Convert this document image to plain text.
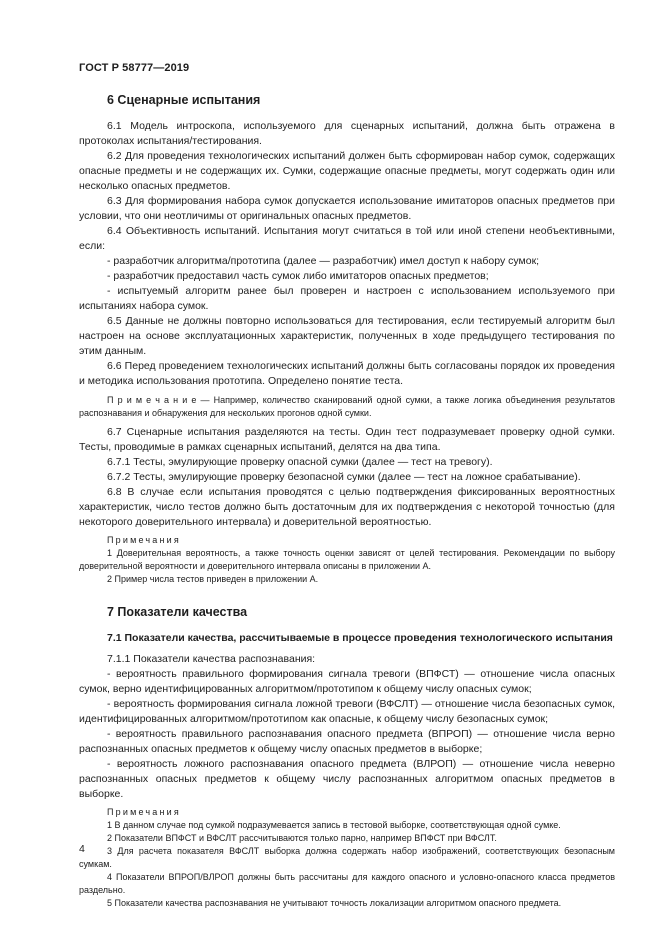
ГОСТ Р 58777—2019
6 Сценарные испытания

6.1 Модель интроскопа, используемого для сценарных испытаний, должна быть отражена в протоколах испытания/тестирования.

6.2 Для проведения технологических испытаний должен быть сформирован набор сумок, содержащих опасные предметы и не содержащих их. Сумки, содержащие опасные предметы, могут содержать один или несколько опасных предметов.

6.3 Для формирования набора сумок допускается использование имитаторов опасных предметов при условии, что они неотличимы от оригинальных опасных предметов.

6.4 Объективность испытаний. Испытания могут считаться в той или иной степени необъективными, если:

- разработчик алгоритма/прототипа (далее — разработчик) имел доступ к набору сумок;

- разработчик предоставил часть сумок либо имитаторов опасных предметов;

- испытуемый алгоритм ранее был проверен и настроен с использованием используемого при испытаниях набора сумок.

6.5 Данные не должны повторно использоваться для тестирования, если тестируемый алгоритм был настроен на основе эксплуатационных характеристик, полученных в ходе предыдущего тестирования по этим данным.

6.6 Перед проведением технологических испытаний должны быть согласованы порядок их проведения и методика использования прототипа. Определено понятие теста.

П р и м е ч а н и е — Например, количество сканирований одной сумки, а также логика объединения результатов распознавания и обнаружения для нескольких прогонов одной сумки.

6.7 Сценарные испытания разделяются на тесты. Один тест подразумевает проверку одной сумки. Тесты, проводимые в рамках сценарных испытаний, делятся на два типа.

6.7.1 Тесты, эмулирующие проверку опасной сумки (далее — тест на тревогу).

6.7.2 Тесты, эмулирующие проверку безопасной сумки (далее — тест на ложное срабатывание).

6.8 В случае если испытания проводятся с целью подтверждения фиксированных вероятностных характеристик, число тестов должно быть достаточным для их подтверждения с некоторой точностью (для некоторого доверительного интервала) и доверительной вероятностью.

Примечания

1 Доверительная вероятность, а также точность оценки зависят от целей тестирования. Рекомендации по выбору доверительной вероятности и доверительного интервала описаны в приложении А.

2 Пример числа тестов приведен в приложении А.

7 Показатели качества
7.1 Показатели качества, рассчитываемые в процессе проведения технологического испытания

7.1.1 Показатели качества распознавания:

- вероятность правильного формирования сигнала тревоги (ВПФСТ) — отношение числа опасных сумок, верно идентифицированных алгоритмом/прототипом к общему числу опасных сумок;

- вероятность формирования сигнала ложной тревоги (ВФСЛТ) — отношение числа безопасных сумок, идентифицированных алгоритмом/прототипом как опасные, к общему числу безопасных сумок;

- вероятность правильного распознавания опасного предмета (ВПРОП) — отношение числа верно распознанных опасных предметов к общему числу опасных предметов в выборке;

- вероятность ложного распознавания опасного предмета (ВЛРОП) — отношение числа неверно распознанных опасных предметов к общему числу распознанных алгоритмом опасных предметов в выборке.

Примечания

1 В данном случае под сумкой подразумевается запись в тестовой выборке, соответствующая одной сумке.

2 Показатели ВПФСТ и ВФСЛТ рассчитываются только парно, например ВПФСТ при ВФСЛТ.

3 Для расчета показателя ВФСЛТ выборка должна содержать набор изображений, соответствующих безопасным сумкам.

4 Показатели ВПРОП/ВЛРОП должны быть рассчитаны для каждого опасного и условно-опасного класса предметов раздельно.

5 Показатели качества распознавания не учитывают точность локализации алгоритмом опасного предмета.

4
